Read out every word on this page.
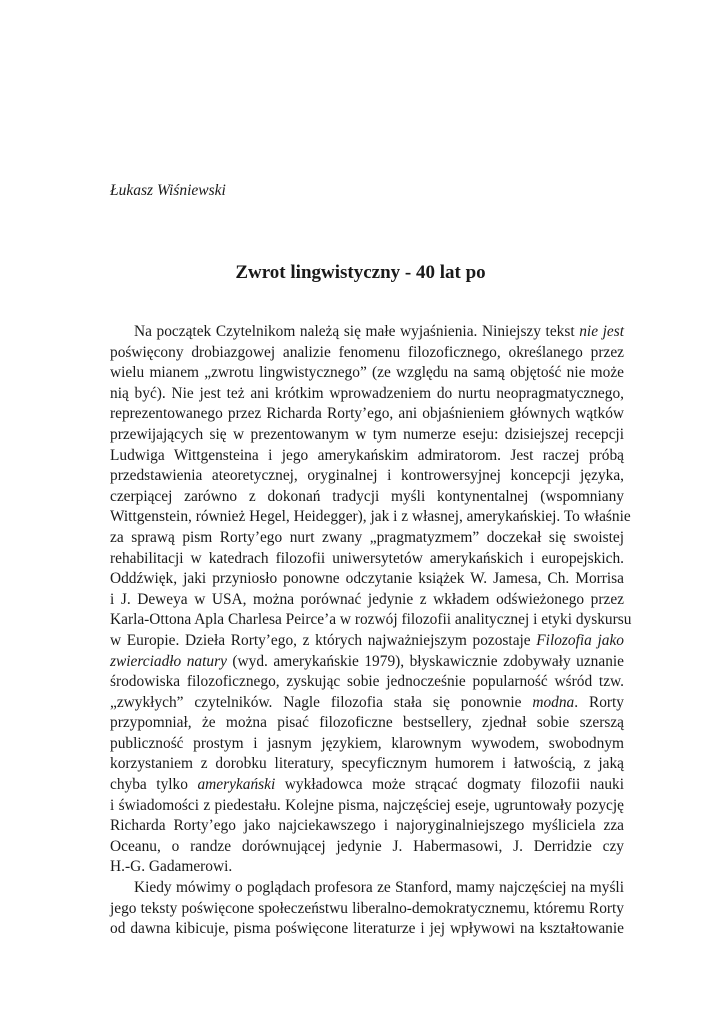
Łukasz Wiśniewski

Zwrot lingwistyczny - 40 lat po

Na początek Czytelnikom należą się małe wyjaśnienia. Niniejszy tekst nie jest
poświęcony drobiazgowej analizie fenomenu filozoficznego, określanego przez
wielu mianem „zwrotu lingwistycznego” (ze względu na samą objętość nie może
nią być). Nie jest też ani krótkim wprowadzeniem do nurtu neopragmatycznego,
reprezentowanego przez Richarda Rorty’ego, ani objaśnieniem głównych wątków
przewijających się w prezentowanym w tym numerze eseju: dzisiejszej recepcji
Ludwiga Wittgensteina i jego amerykańskim admiratorom. Jest raczej próbą
przedstawienia ateoretycznej, oryginalnej i kontrowersyjnej koncepcji języka,
czerpiącej zarówno z dokonań tradycji myśli kontynentalnej (wspomniany
Wittgenstein, również Hegel, Heidegger), jak i z własnej, amerykańskiej. To właśnie
za sprawą pism Rorty’ego nurt zwany „pragmatyzmem” doczekał się swoistej
rehabilitacji w katedrach filozofii uniwersytetów amerykańskich i europejskich.
Oddźwięk, jaki przyniosło ponowne odczytanie książek W. Jamesa, Ch. Morrisa
i J. Deweya w USA, można porównać jedynie z wkładem odświeżonego przez
Karla-Ottona Apla Charlesa Peirce’a w rozwój filozofii analitycznej i etyki dyskursu
w Europie. Dzieła Rorty’ego, z których najważniejszym pozostaje Filozofia jako
zwierciadło natury (wyd. amerykańskie 1979), błyskawicznie zdobywały uznanie
środowiska filozoficznego, zyskując sobie jednocześnie popularność wśród tzw.
„zwykłych” czytelników. Nagle filozofia stała się ponownie modna. Rorty
przypomniał, że można pisać filozoficzne bestsellery, zjednał sobie szerszą
publiczność prostym i jasnym językiem, klarownym wywodem, swobodnym
korzystaniem z dorobku literatury, specyficznym humorem i łatwością, z jaką
chyba tylko amerykański wykładowca może strącać dogmaty filozofii nauki
i świadomości z piedestału. Kolejne pisma, najczęściej eseje, ugruntowały pozycję
Richarda Rorty’ego jako najciekawszego i najoryginalniejszego myśliciela zza
Oceanu, o randze dorównującej jedynie J. Habermasowi, J. Derridzie czy
H.-G. Gadamerowi.

Kiedy mówimy o poglądach profesora ze Stanford, mamy najczęściej na myśli
jego teksty poświęcone społeczeństwu liberalno-demokratycznemu, któremu Rorty
od dawna kibicuje, pisma poświęcone literaturze i jej wpływowi na kształtowanie
